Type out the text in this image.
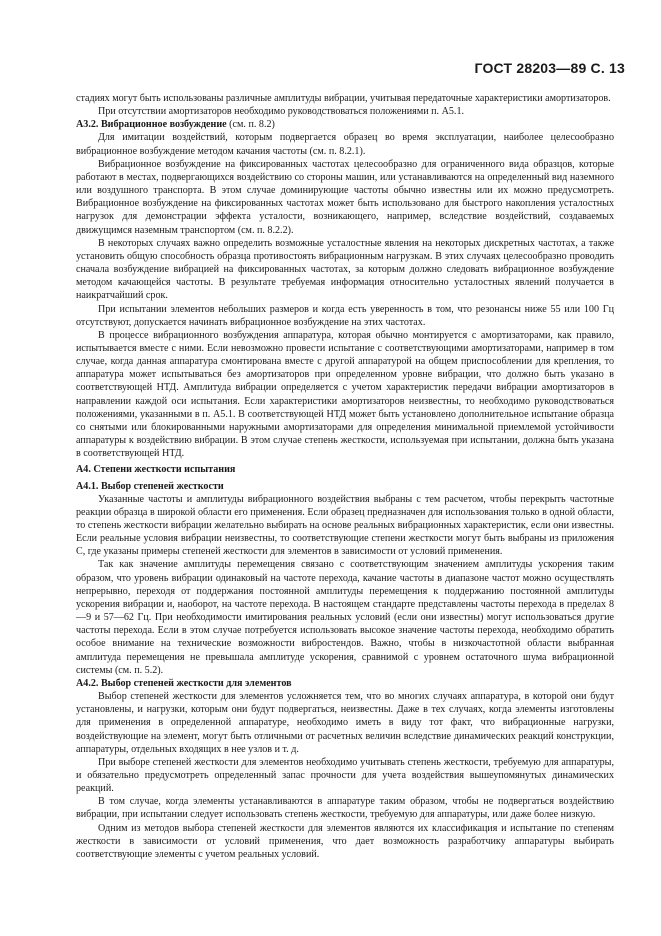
ГОСТ 28203—89 С. 13

стадиях могут быть использованы различные амплитуды вибрации, учитывая передаточные характеристики амортизаторов.

При отсутствии амортизаторов необходимо руководствоваться положениями п. А5.1.

А3.2. Вибрационное возбуждение (см. п. 8.2)

Для имитации воздействий, которым подвергается образец во время эксплуатации, наиболее целесообразно вибрационное возбуждение методом качания частоты (см. п. 8.2.1).

Вибрационное возбуждение на фиксированных частотах целесообразно для ограниченного вида образцов, которые работают в местах, подвергающихся воздействию со стороны машин, или устанавливаются на определенный вид наземного или воздушного транспорта. В этом случае доминирующие частоты обычно известны или их можно предусмотреть. Вибрационное возбуждение на фиксированных частотах может быть использовано для быстрого накопления усталостных нагрузок для демонстрации эффекта усталости, возникающего, например, вследствие воздействий, создаваемых движущимся наземным транспортом (см. п. 8.2.2).

В некоторых случаях важно определить возможные усталостные явления на некоторых дискретных частотах, а также установить общую способность образца противостоять вибрационным нагрузкам. В этих случаях целесообразно проводить сначала возбуждение вибрацией на фиксированных частотах, за которым должно следовать вибрационное возбуждение методом качающейся частоты. В результате требуемая информация относительно усталостных явлений получается в наикратчайший срок.

При испытании элементов небольших размеров и когда есть уверенность в том, что резонансы ниже 55 или 100 Гц отсутствуют, допускается начинать вибрационное возбуждение на этих частотах.

В процессе вибрационного возбуждения аппаратура, которая обычно монтируется с амортизаторами, как правило, испытывается вместе с ними. Если невозможно провести испытание с соответствующими амортизаторами, например в том случае, когда данная аппаратура смонтирована вместе с другой аппаратурой на общем приспособлении для крепления, то аппаратура может испытываться без амортизаторов при определенном уровне вибрации, что должно быть указано в соответствующей НТД. Амплитуда вибрации определяется с учетом характеристик передачи вибрации амортизаторов в направлении каждой оси испытания. Если характеристики амортизаторов неизвестны, то необходимо руководствоваться положениями, указанными в п. А5.1. В соответствующей НТД может быть установлено дополнительное испытание образца со снятыми или блокированными наружными амортизаторами для определения минимальной приемлемой устойчивости аппаратуры к воздействию вибрации. В этом случае степень жесткости, используемая при испытании, должна быть указана в соответствующей НТД.

А4. Степени жесткости испытания

А4.1. Выбор степеней жесткости

Указанные частоты и амплитуды вибрационного воздействия выбраны с тем расчетом, чтобы перекрыть частотные реакции образца в широкой области его применения. Если образец предназначен для использования только в одной области, то степень жесткости вибрации желательно выбирать на основе реальных вибрационных характеристик, если они известны. Если реальные условия вибрации неизвестны, то соответствующие степени жесткости могут быть выбраны из приложения С, где указаны примеры степеней жесткости для элементов в зависимости от условий применения.

Так как значение амплитуды перемещения связано с соответствующим значением амплитуды ускорения таким образом, что уровень вибрации одинаковый на частоте перехода, качание частоты в диапазоне частот можно осуществлять непрерывно, переходя от поддержания постоянной амплитуды перемещения к поддержанию постоянной амплитуды ускорения вибрации и, наоборот, на частоте перехода. В настоящем стандарте представлены частоты перехода в пределах 8—9 и 57—62 Гц. При необходимости имитирования реальных условий (если они известны) могут использоваться другие частоты перехода. Если в этом случае потребуется использовать высокое значение частоты перехода, необходимо обратить особое внимание на технические возможности вибростендов. Важно, чтобы в низкочастотной области выбранная амплитуда перемещения не превышала амплитуде ускорения, сравнимой с уровнем остаточного шума вибрационной системы (см. п. 5.2).

А4.2. Выбор степеней жесткости для элементов

Выбор степеней жесткости для элементов усложняется тем, что во многих случаях аппаратура, в которой они будут установлены, и нагрузки, которым они будут подвергаться, неизвестны. Даже в тех случаях, когда элементы изготовлены для применения в определенной аппаратуре, необходимо иметь в виду тот факт, что вибрационные нагрузки, воздействующие на элемент, могут быть отличными от расчетных величин вследствие динамических реакций конструкции, аппаратуры, отдельных входящих в нее узлов и т. д.

При выборе степеней жесткости для элементов необходимо учитывать степень жесткости, требуемую для аппаратуры, и обязательно предусмотреть определенный запас прочности для учета воздействия вышеупомянутых динамических реакций.

В том случае, когда элементы устанавливаются в аппаратуре таким образом, чтобы не подвергаться воздействию вибрации, при испытании следует использовать степень жесткости, требуемую для аппаратуры, или даже более низкую.

Одним из методов выбора степеней жесткости для элементов являются их классификация и испытание по степеням жесткости в зависимости от условий применения, что дает возможность разработчику аппаратуры выбирать соответствующие элементы с учетом реальных условий.
